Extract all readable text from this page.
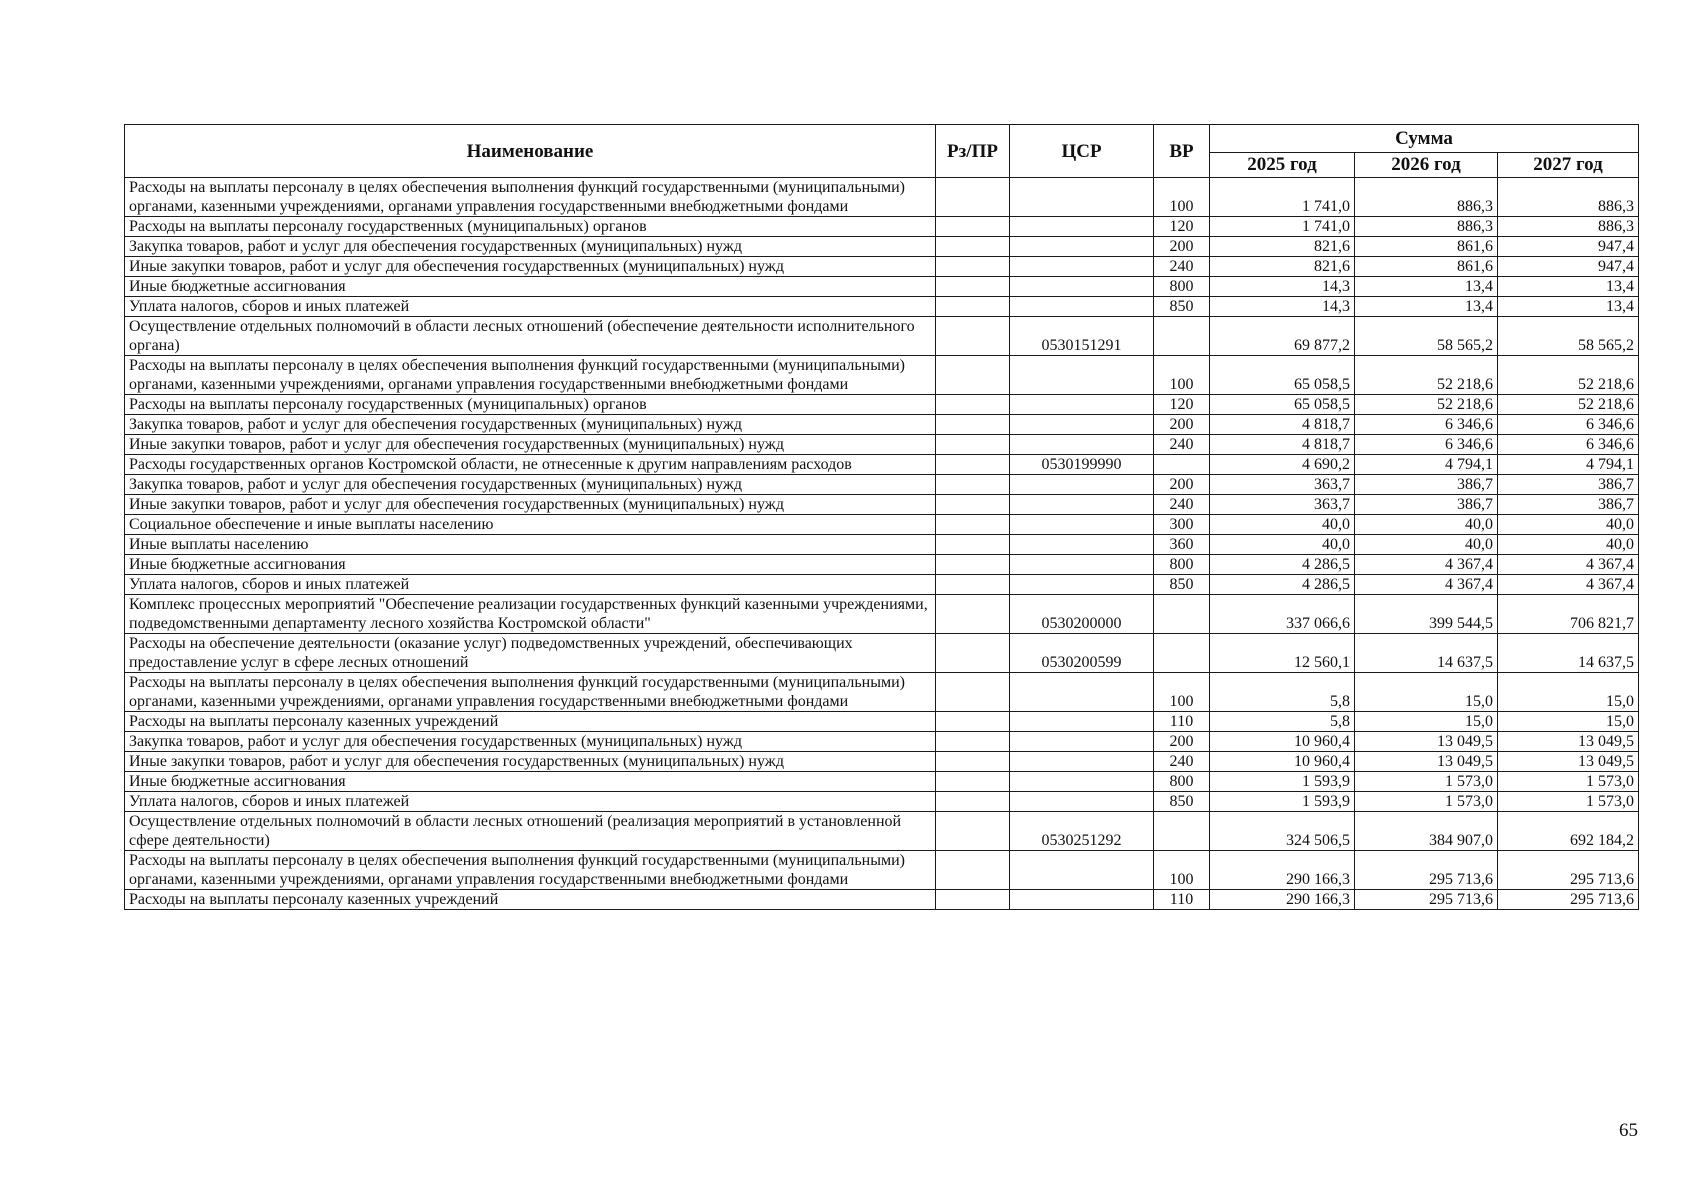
Наименование	Рз/ПР	ЦСР	ВР	Сумма		
				2025 год	2026 год	2027 год
Расходы на выплаты персоналу в целях обеспечения выполнения функций государственными (муниципальными) органами, казенными учреждениями, органами управления государственными внебюджетными фондами			100	1 741,0	886,3	886,3
Расходы на выплаты персоналу государственных (муниципальных) органов			120	1 741,0	886,3	886,3
Закупка товаров, работ и услуг для обеспечения государственных (муниципальных) нужд			200	821,6	861,6	947,4
Иные закупки товаров, работ и услуг для обеспечения государственных (муниципальных) нужд			240	821,6	861,6	947,4
Иные бюджетные ассигнования			800	14,3	13,4	13,4
Уплата налогов, сборов и иных платежей			850	14,3	13,4	13,4
Осуществление отдельных полномочий в области лесных отношений (обеспечение деятельности исполнительного органа)		0530151291		69 877,2	58 565,2	58 565,2
Расходы на выплаты персоналу в целях обеспечения выполнения функций государственными (муниципальными) органами, казенными учреждениями, органами управления государственными внебюджетными фондами			100	65 058,5	52 218,6	52 218,6
Расходы на выплаты персоналу государственных (муниципальных) органов			120	65 058,5	52 218,6	52 218,6
Закупка товаров, работ и услуг для обеспечения государственных (муниципальных) нужд			200	4 818,7	6 346,6	6 346,6
Иные закупки товаров, работ и услуг для обеспечения государственных (муниципальных) нужд			240	4 818,7	6 346,6	6 346,6
Расходы государственных органов Костромской области, не отнесенные к другим направлениям расходов		0530199990		4 690,2	4 794,1	4 794,1
Закупка товаров, работ и услуг для обеспечения государственных (муниципальных) нужд			200	363,7	386,7	386,7
Иные закупки товаров, работ и услуг для обеспечения государственных (муниципальных) нужд			240	363,7	386,7	386,7
Социальное обеспечение и иные выплаты населению			300	40,0	40,0	40,0
Иные выплаты населению			360	40,0	40,0	40,0
Иные бюджетные ассигнования			800	4 286,5	4 367,4	4 367,4
Уплата налогов, сборов и иных платежей			850	4 286,5	4 367,4	4 367,4
Комплекс процессных мероприятий "Обеспечение реализации государственных функций казенными учреждениями, подведомственными департаменту лесного хозяйства Костромской области"		0530200000		337 066,6	399 544,5	706 821,7
Расходы на обеспечение деятельности (оказание услуг) подведомственных учреждений, обеспечивающих предоставление услуг в сфере лесных отношений		0530200599		12 560,1	14 637,5	14 637,5
Расходы на выплаты персоналу в целях обеспечения выполнения функций государственными (муниципальными) органами, казенными учреждениями, органами управления государственными внебюджетными фондами			100	5,8	15,0	15,0
Расходы на выплаты персоналу казенных учреждений			110	5,8	15,0	15,0
Закупка товаров, работ и услуг для обеспечения государственных (муниципальных) нужд			200	10 960,4	13 049,5	13 049,5
Иные закупки товаров, работ и услуг для обеспечения государственных (муниципальных) нужд			240	10 960,4	13 049,5	13 049,5
Иные бюджетные ассигнования			800	1 593,9	1 573,0	1 573,0
Уплата налогов, сборов и иных платежей			850	1 593,9	1 573,0	1 573,0
Осуществление отдельных полномочий в области лесных отношений (реализация мероприятий в установленной сфере деятельности)		0530251292		324 506,5	384 907,0	692 184,2
Расходы на выплаты персоналу в целях обеспечения выполнения функций государственными (муниципальными) органами, казенными учреждениями, органами управления государственными внебюджетными фондами			100	290 166,3	295 713,6	295 713,6
Расходы на выплаты персоналу казенных учреждений			110	290 166,3	295 713,6	295 713,6
65
